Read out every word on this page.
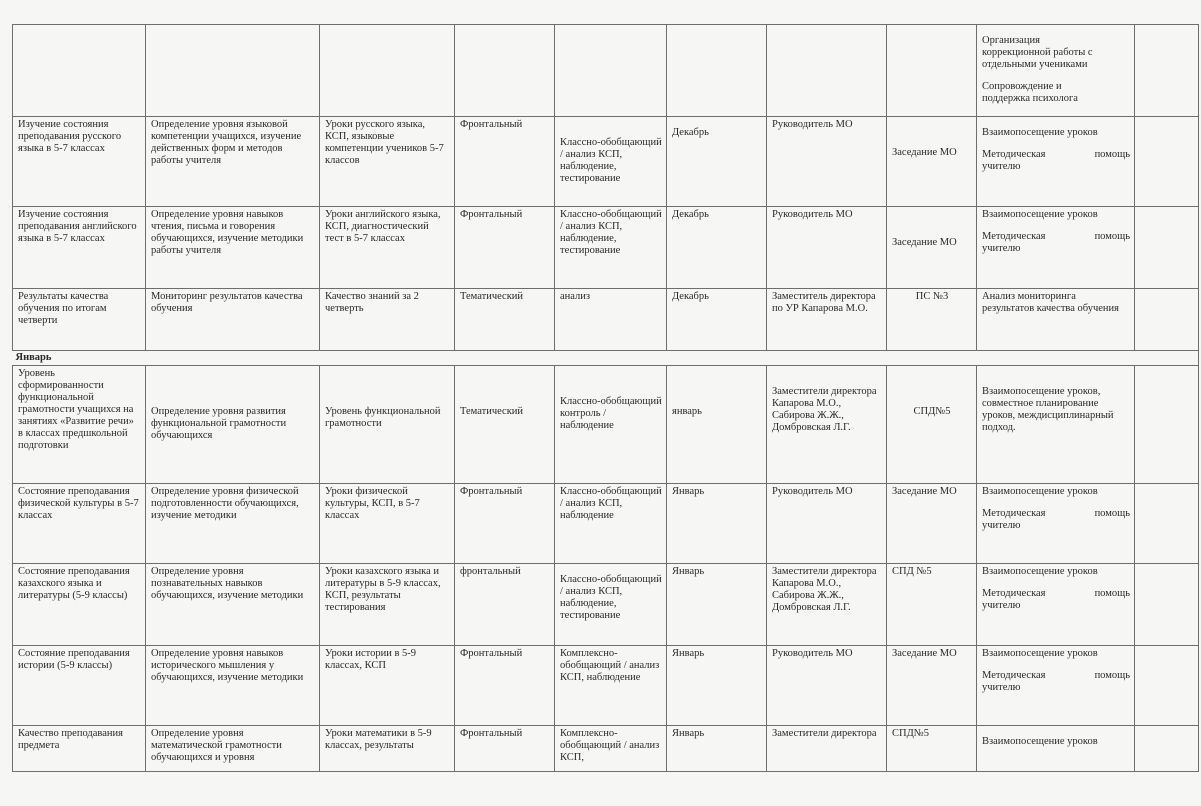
								Организация
коррекционной работы с
отдельными учениками
Сопровождение и
поддержка психолога	

Изучение состояния преподавания русского языка в 5-7 классах	Определение уровня языковой компетенции учащихся, изучение действенных форм и методов работы учителя	Уроки русского языка, КСП, языковые компетенции учеников 5-7 классов	Фронтальный	Классно-обобщающий / анализ КСП, наблюдение, тестирование	Декабрь	Руководитель МО	Заседание МО	Взаимопосещение уроков
Методическая помощь
учителю	

Изучение состояния преподавания английского языка в 5-7 классах	Определение уровня навыков чтения, письма и говорения обучающихся, изучение методики работы учителя	Уроки английского языка, КСП, диагностический тест в 5-7 классах	Фронтальный	Классно-обобщающий / анализ КСП, наблюдение, тестирование	Декабрь	Руководитель МО	Заседание МО	Взаимопосещение уроков
Методическая помощь
учителю	

Результаты качества обучения по итогам четверти	Мониторинг результатов качества обучения	Качество знаний за 2 четверть	Тематический	анализ	Декабрь	Заместитель директора по УР Капарова М.О.	ПС №3	Анализ мониторинга результатов качества обучения	
Январь									
Уровень сформированности функциональной грамотности учащихся на занятиях «Развитие речи» в классах предшкольной подготовки	Определение уровня развития функциональной грамотности обучающихся	Уровень функциональной грамотности	Тематический	Классно-обобщающий контроль / наблюдение	январь	Заместители директора Капарова М.О., Сабирова Ж.Ж., Домбровская Л.Г.	СПД№5	Взаимопосещение уроков, совместное планирование уроков, междисциплинарный подход.	
Состояние преподавания физической культуры в 5-7 классах	Определение уровня физической подготовленности обучающихся, изучение методики	Уроки физической культуры, КСП, в 5-7 классах	Фронтальный	Классно-обобщающий / анализ КСП, наблюдение	Январь	Руководитель МО	Заседание МО	Взаимопосещение уроков
Методическая помощь
учителю	

Состояние преподавания казахского языка и литературы (5-9 классы)	Определение уровня познавательных навыков обучающихся, изучение методики	Уроки казахского языка и литературы в 5-9 классах, КСП, результаты тестирования	фронтальный	Классно-обобщающий / анализ КСП, наблюдение, тестирование	Январь	Заместители директора Капарова М.О., Сабирова Ж.Ж., Домбровская Л.Г.	СПД №5	Взаимопосещение уроков
Методическая помощь
учителю	

Состояние преподавания истории (5-9 классы)	Определение уровня навыков исторического мышления у обучающихся, изучение методики	Уроки истории в 5-9 классах, КСП	Фронтальный	Комплексно-обобщающий / анализ КСП, наблюдение	Январь	Руководитель МО	Заседание МО	Взаимопосещение уроков
Методическая помощь
учителю	

Качество преподавания предмета	Определение уровня математической грамотности обучающихся и уровня	Уроки математики в 5-9 классах, результаты	Фронтальный	Комплексно-обобщающий / анализ КСП,	Январь	Заместители директора	СПД№5	Взаимопосещение уроков	
